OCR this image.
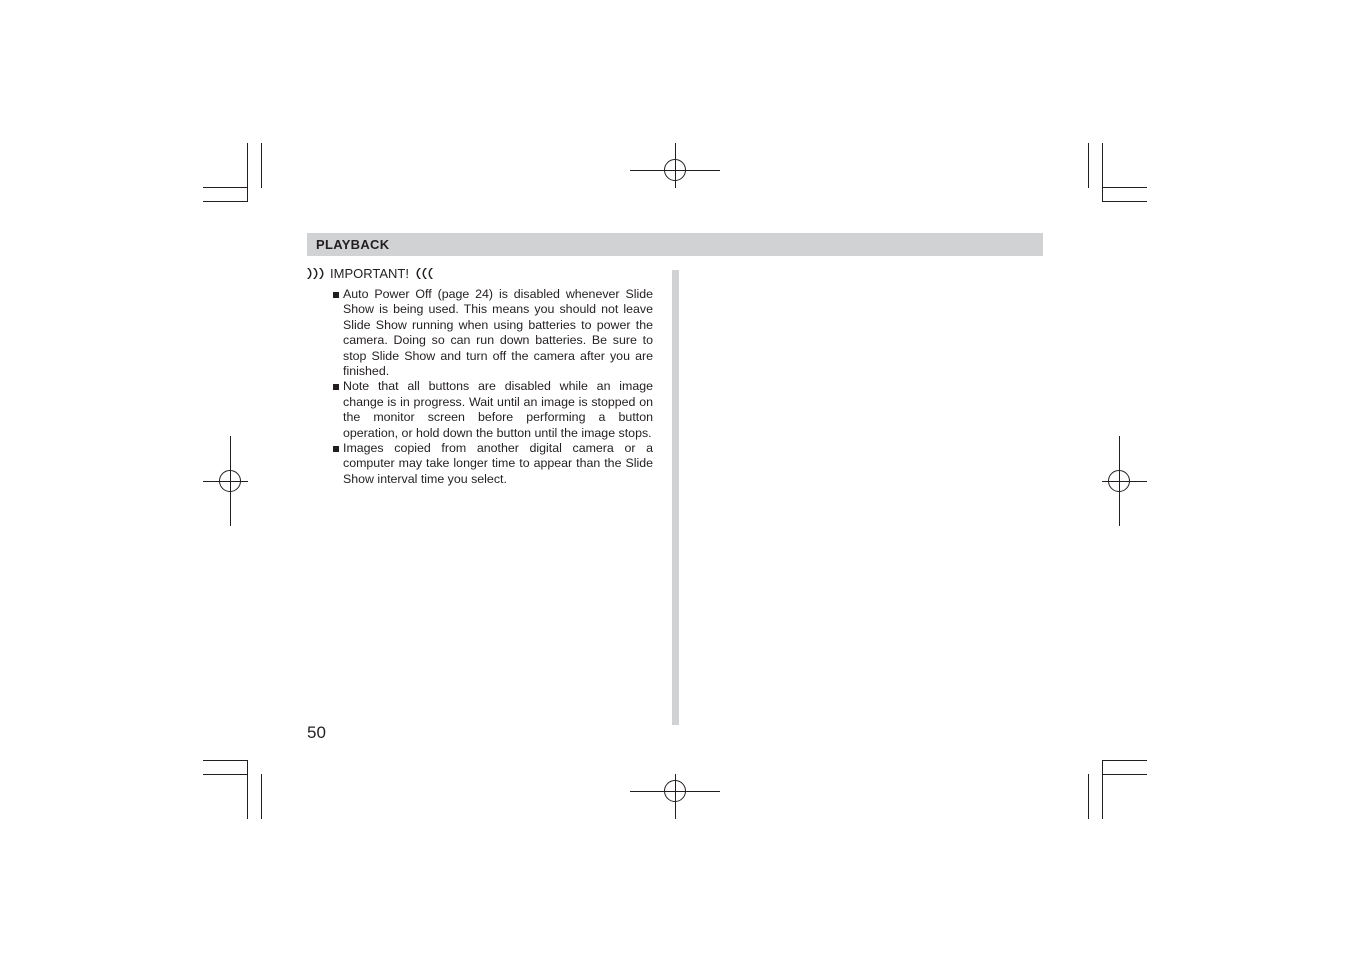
PLAYBACK
IMPORTANT!
Auto Power Off (page 24) is disabled whenever Slide Show is being used. This means you should not leave Slide Show running when using batteries to power the camera. Doing so can run down batteries. Be sure to stop Slide Show and turn off the camera after you are finished.
Note that all buttons are disabled while an image change is in progress. Wait until an image is stopped on the monitor screen before performing a button operation, or hold down the button until the image stops.
Images copied from another digital camera or a computer may take longer time to appear than the Slide Show interval time you select.
50
